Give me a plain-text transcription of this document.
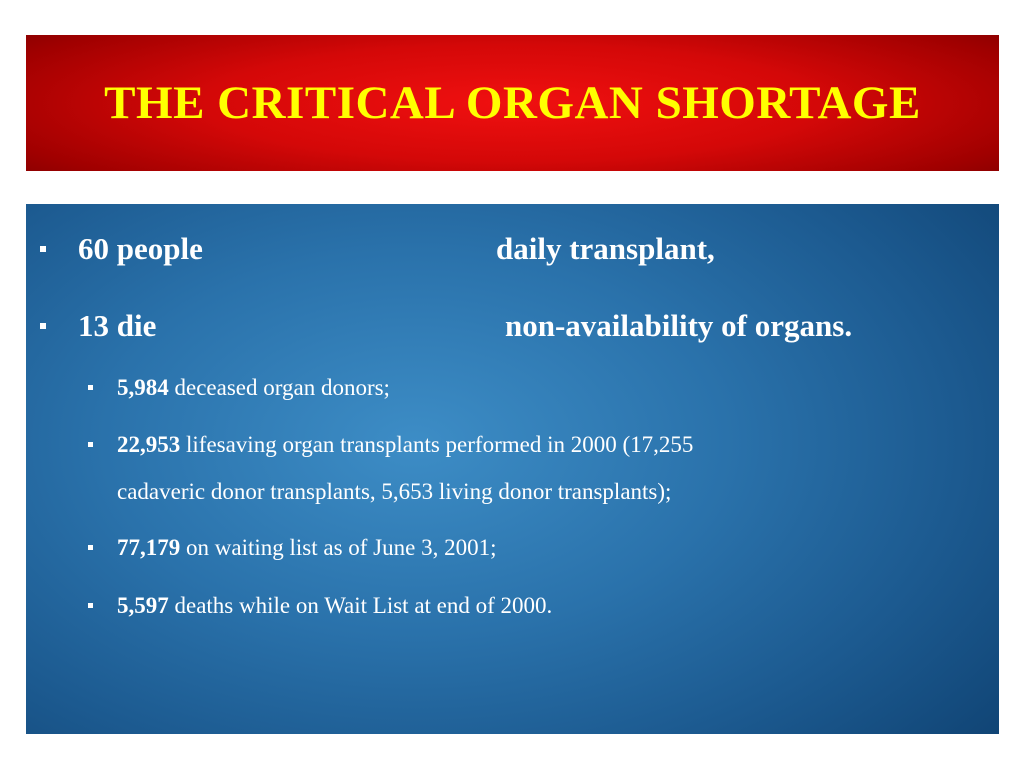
THE CRITICAL ORGAN SHORTAGE
60 people	daily transplant,
13 die	non-availability of organs.
5,984 deceased organ donors;
22,953 lifesaving organ transplants performed in 2000 (17,255
cadaveric donor transplants, 5,653 living donor transplants);
77,179 on waiting list as of June 3, 2001;
5,597 deaths while on Wait List at end of 2000.
